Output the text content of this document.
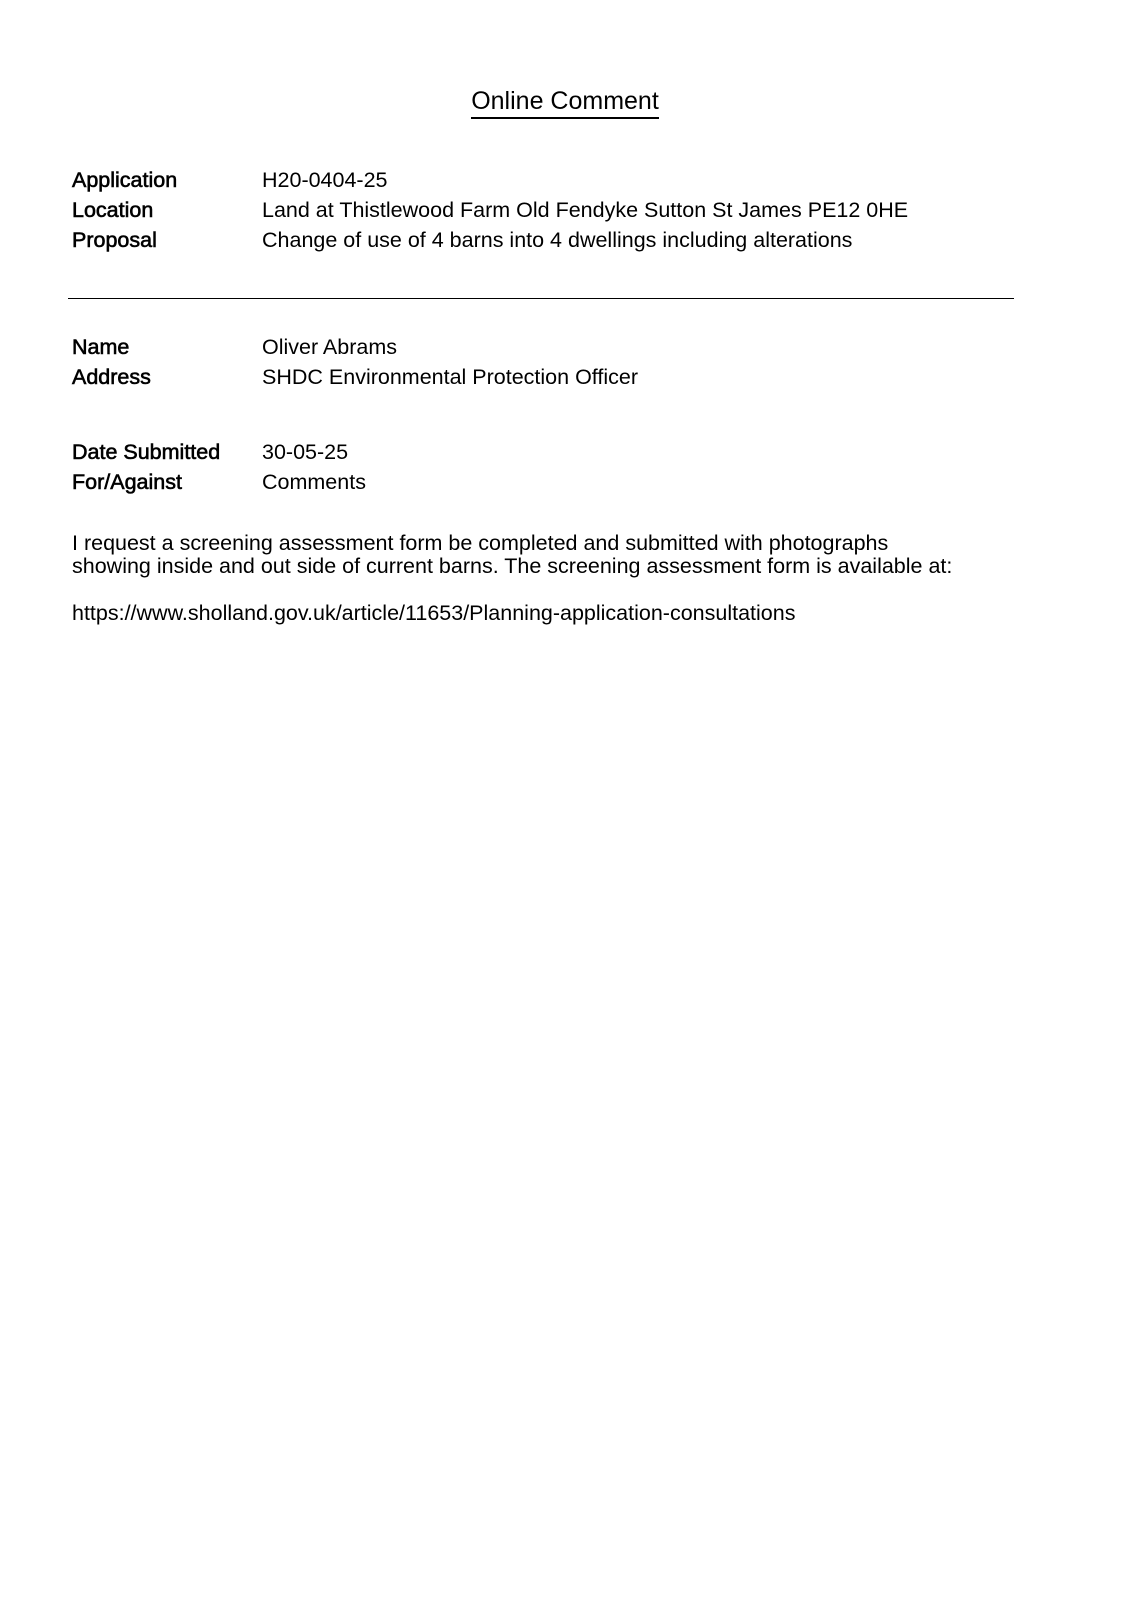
Online Comment
Application	H20-0404-25
Location	Land at Thistlewood Farm Old Fendyke Sutton St James PE12 0HE
Proposal	Change of use of 4 barns into 4 dwellings including alterations
Name	Oliver Abrams
Address	SHDC Environmental Protection Officer
Date Submitted	30-05-25
For/Against	Comments
I request a screening assessment form be completed and submitted with photographs
showing inside and out side of current barns. The screening assessment form is available at:
https://www.sholland.gov.uk/article/11653/Planning-application-consultations
